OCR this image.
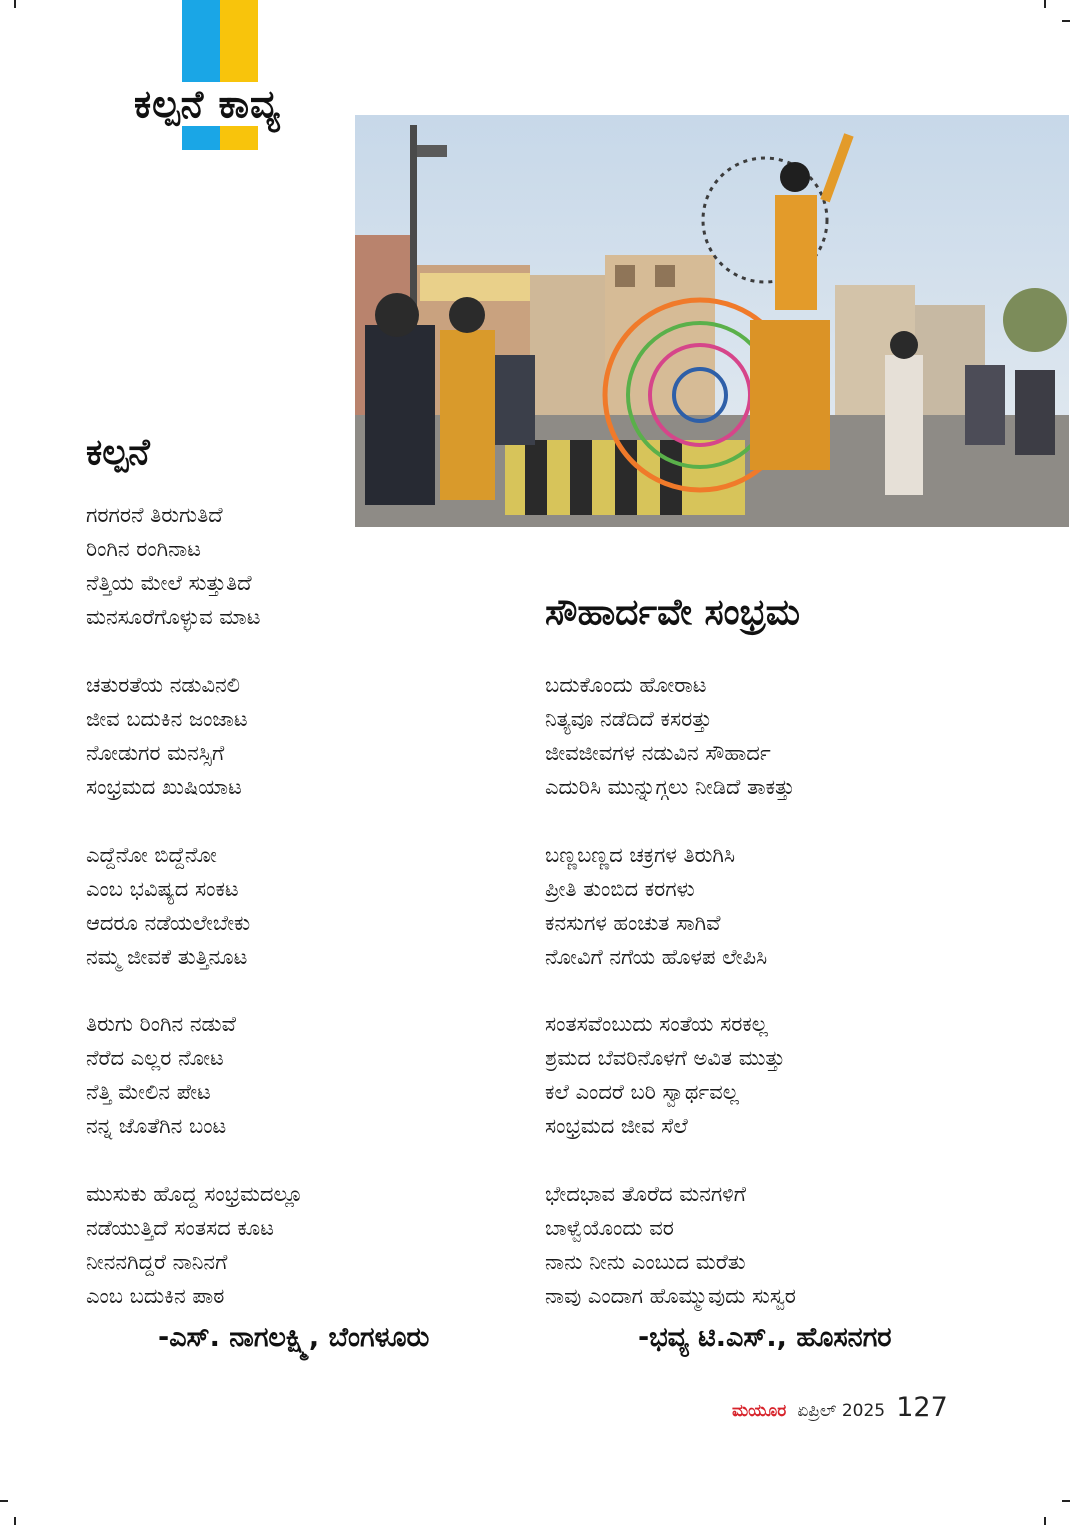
ಕಲ್ಪನೆ ಕಾವ್ಯ
ಕಲ್ಪನೆ
ಗರಗರನೆ ತಿರುಗುತಿದೆ
ರಿಂಗಿನ ರಂಗಿನಾಟ
ನೆತ್ತಿಯ ಮೇಲೆ ಸುತ್ತುತಿದೆ
ಮನಸೂರೆಗೊಳ್ಳುವ ಮಾಟ
ಚತುರತೆಯ ನಡುವಿನಲಿ
ಜೀವ ಬದುಕಿನ ಜಂಜಾಟ
ನೋಡುಗರ ಮನಸ್ಸಿಗೆ
ಸಂಭ್ರಮದ ಖುಷಿಯಾಟ
ಎದ್ದೆನೋ ಬಿದ್ದೆನೋ
ಎಂಬ ಭವಿಷ್ಯದ ಸಂಕಟ
ಆದರೂ ನಡೆಯಲೇಬೇಕು
ನಮ್ಮ ಜೀವಕೆ ತುತ್ತಿನೂಟ
ತಿರುಗು ರಿಂಗಿನ ನಡುವೆ
ನೆರೆದ ಎಲ್ಲರ ನೋಟ
ನೆತ್ತಿ ಮೇಲಿನ ಪೇಟ
ನನ್ನ ಜೊತೆಗಿನ ಬಂಟ
ಮುಸುಕು ಹೊದ್ದ ಸಂಭ್ರಮದಲ್ಲೂ
ನಡೆಯುತ್ತಿದೆ ಸಂತಸದ ಕೂಟ
ನೀನನಗಿದ್ದರೆ ನಾನಿನಗೆ
ಎಂಬ ಬದುಕಿನ ಪಾಠ
-ಎಸ್. ನಾಗಲಕ್ಷ್ಮಿ, ಬೆಂಗಳೂರು
ಸೌಹಾರ್ದವೇ ಸಂಭ್ರಮ
ಬದುಕೊಂದು ಹೋರಾಟ
ನಿತ್ಯವೂ ನಡೆದಿದೆ ಕಸರತ್ತು
ಜೀವಜೀವಗಳ ನಡುವಿನ ಸೌಹಾರ್ದ
ಎದುರಿಸಿ ಮುನ್ನುಗ್ಗಲು ನೀಡಿದೆ ತಾಕತ್ತು
ಬಣ್ಣಬಣ್ಣದ ಚಕ್ರಗಳ ತಿರುಗಿಸಿ
ಪ್ರೀತಿ ತುಂಬಿದ ಕರಗಳು
ಕನಸುಗಳ ಹಂಚುತ ಸಾಗಿವೆ
ನೋವಿಗೆ ನಗೆಯ ಹೊಳಪ ಲೇಪಿಸಿ
ಸಂತಸವೆಂಬುದು ಸಂತೆಯ ಸರಕಲ್ಲ
ಶ್ರಮದ ಬೆವರಿನೊಳಗೆ ಅವಿತ ಮುತ್ತು
ಕಲೆ ಎಂದರೆ ಬರಿ ಸ್ವಾರ್ಥವಲ್ಲ
ಸಂಭ್ರಮದ ಜೀವ ಸೆಲೆ
ಭೇದಭಾವ ತೊರೆದ ಮನಗಳಿಗೆ
ಬಾಳ್ವೆಯೊಂದು ವರ
ನಾನು ನೀನು ಎಂಬುದ ಮರೆತು
ನಾವು ಎಂದಾಗ ಹೊಮ್ಮುವುದು ಸುಸ್ವರ
-ಭವ್ಯ ಟಿ.ಎಸ್., ಹೊಸನಗರ
ಮಯೂರ ಏಪ್ರಿಲ್ 2025 127
